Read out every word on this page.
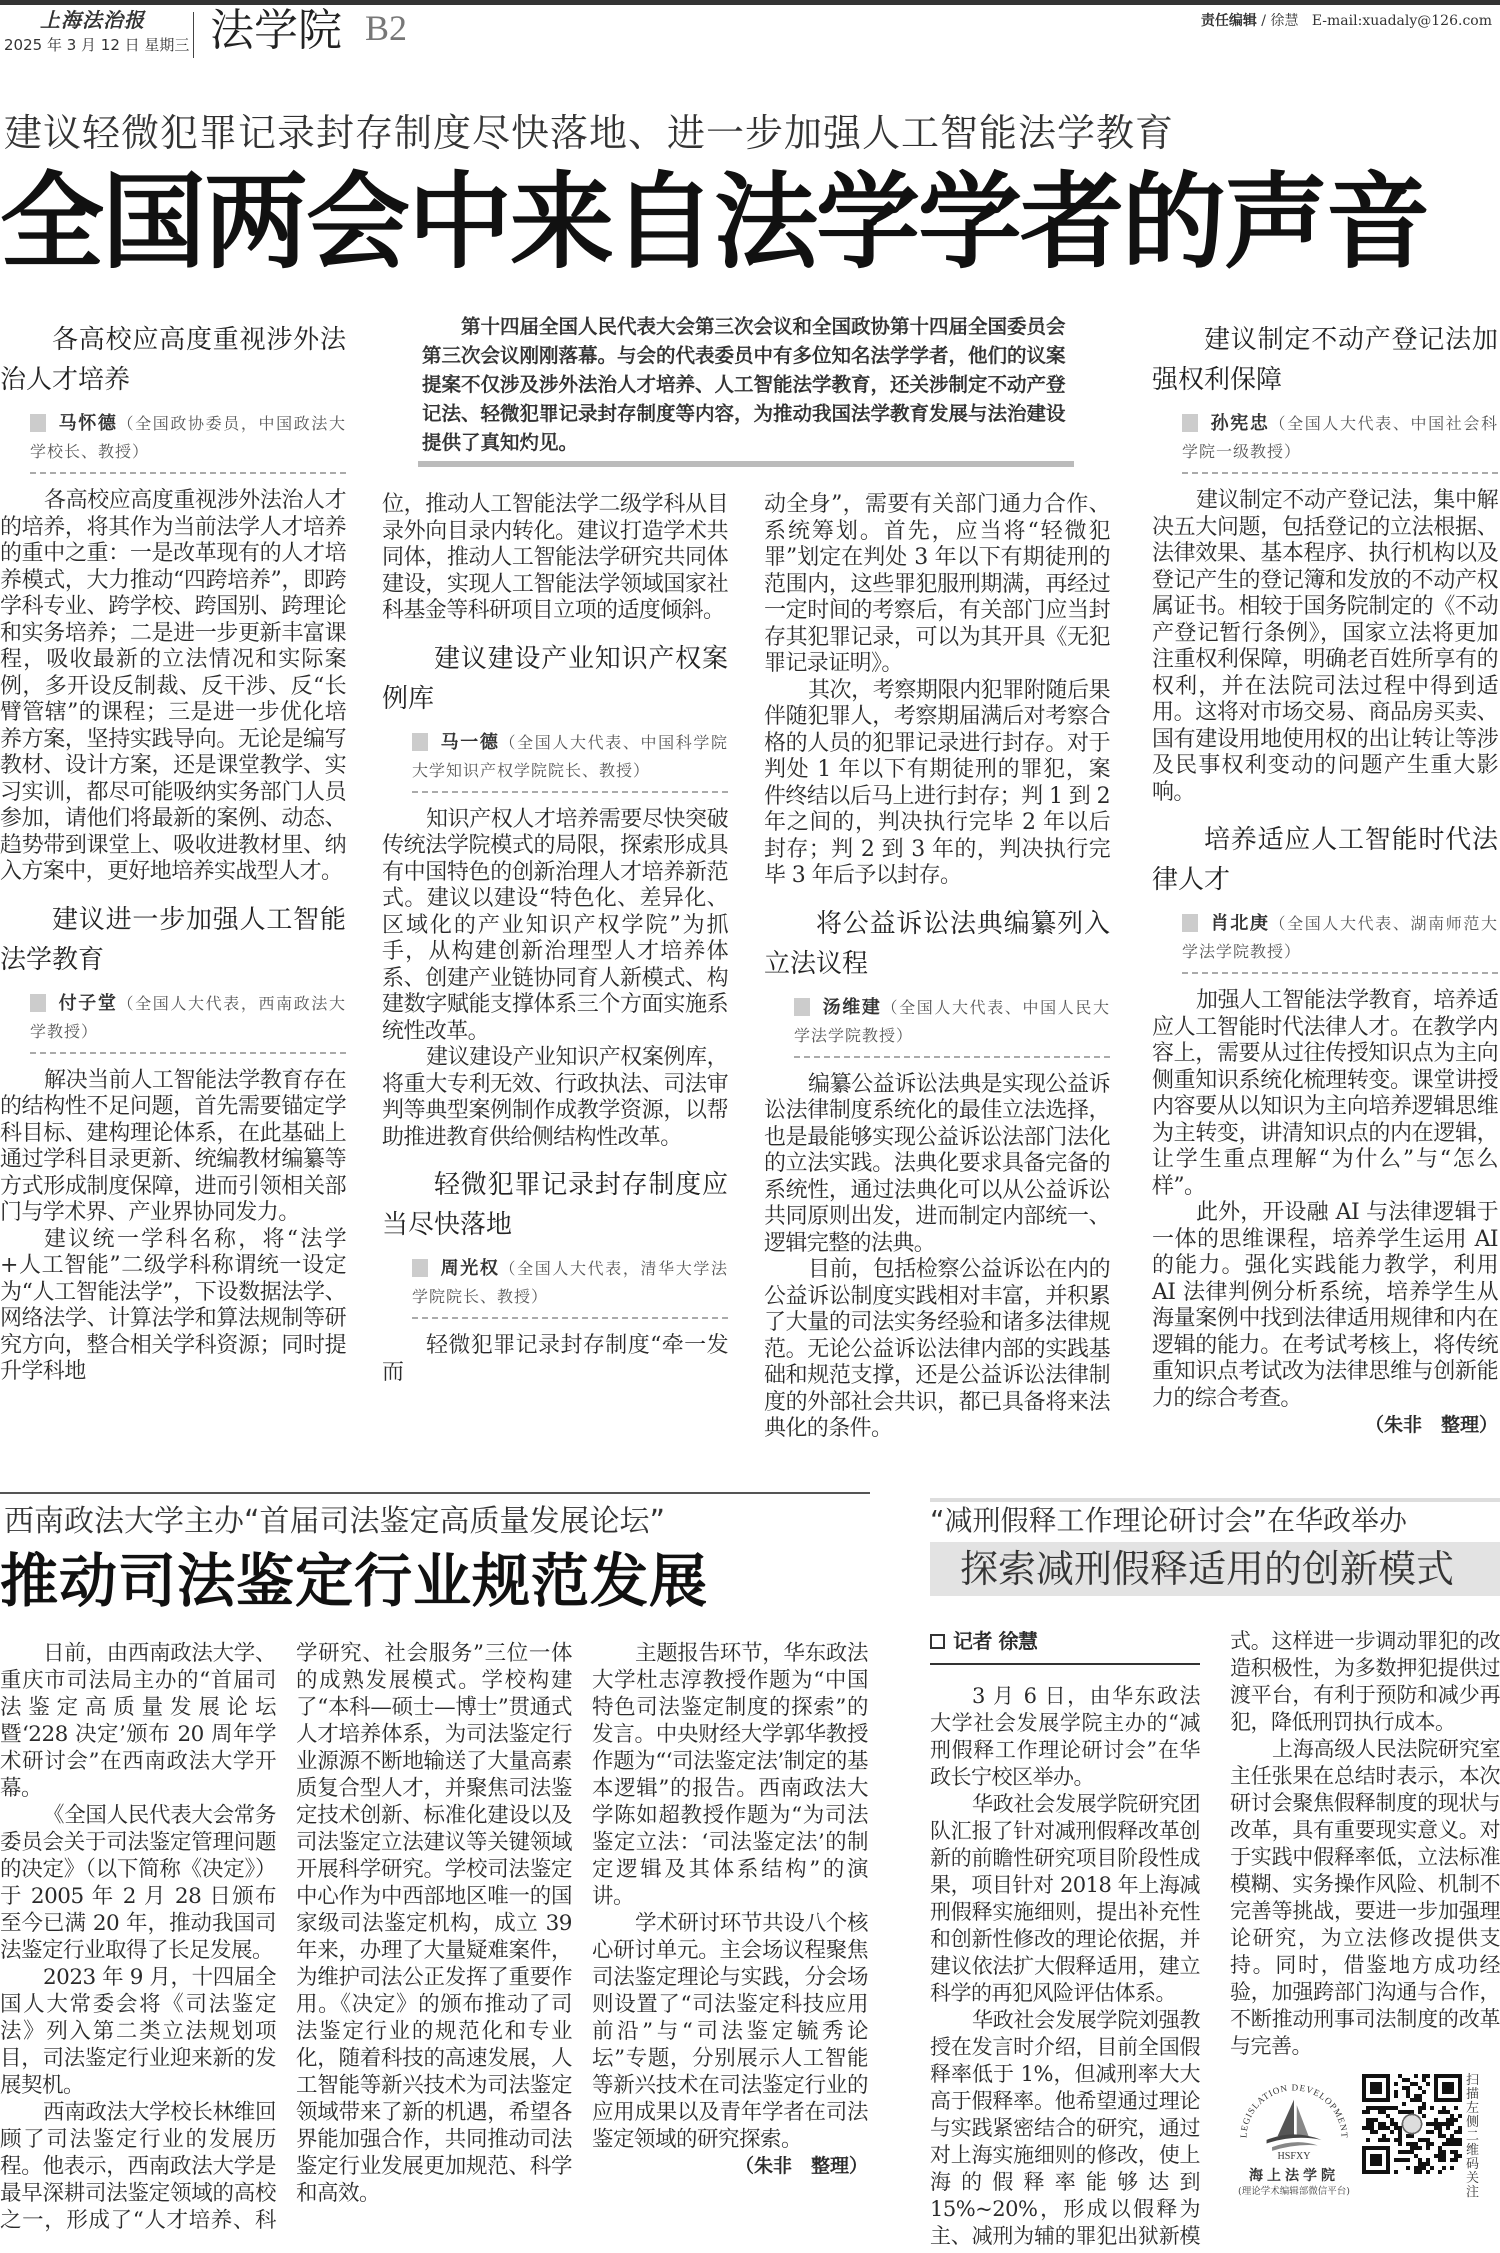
上海法治报
2025 年 3 月 12 日 星期三 法学院 B2	责任编辑 / 徐慧 E-mail:xuadaly@126.com
建议轻微犯罪记录封存制度尽快落地、进一步加强人工智能法学教育
全国两会中来自法学学者的声音
第十四届全国人民代表大会第三次会议和全国政协第十四届全国委员会第三次会议刚刚落幕。与会的代表委员中有多位知名法学学者，他们的议案提案不仅涉及涉外法治人才培养、人工智能法学教育，还关涉制定不动产登记法、轻微犯罪记录封存制度等内容，为推动我国法学教育发展与法治建设提供了真知灼见。
各高校应高度重视涉外法治人才培养
马怀德（全国政协委员，中国政法大学校长、教授）

各高校应高度重视涉外法治人才的培养，将其作为当前法学人才培养的重中之重：一是改革现有的人才培养模式，大力推动“四跨培养”，即跨学科专业、跨学校、跨国别、跨理论和实务培养；二是进一步更新丰富课程，吸收最新的立法情况和实际案例，多开设反制裁、反干涉、反“长臂管辖”的课程；三是进一步优化培养方案，坚持实践导向。无论是编写教材、设计方案，还是课堂教学、实习实训，都尽可能吸纳实务部门人员参加，请他们将最新的案例、动态、趋势带到课堂上、吸收进教材里、纳入方案中，更好地培养实战型人才。

建议进一步加强人工智能法学教育
付子堂（全国人大代表，西南政法大学教授）

解决当前人工智能法学教育存在的结构性不足问题，首先需要锚定学科目标、建构理论体系，在此基础上通过学科目录更新、统编教材编纂等方式形成制度保障，进而引领相关部门与学术界、产业界协同发力。

建议统一学科名称，将“法学+人工智能”二级学科称谓统一设定为“人工智能法学”，下设数据法学、网络法学、计算法学和算法规制等研究方向，整合相关学科资源；同时提升学科地

位，推动人工智能法学二级学科从目录外向目录内转化。建议打造学术共同体，推动人工智能法学研究共同体建设，实现人工智能法学领域国家社科基金等科研项目立项的适度倾斜。

建议建设产业知识产权案例库
马一德（全国人大代表、中国科学院大学知识产权学院院长、教授）

知识产权人才培养需要尽快突破传统法学院模式的局限，探索形成具有中国特色的创新治理人才培养新范式。建议以建设“特色化、差异化、区域化的产业知识产权学院”为抓手，从构建创新治理型人才培养体系、创建产业链协同育人新模式、构建数字赋能支撑体系三个方面实施系统性改革。

建议建设产业知识产权案例库，将重大专利无效、行政执法、司法审判等典型案例制作成教学资源，以帮助推进教育供给侧结构性改革。

轻微犯罪记录封存制度应当尽快落地
周光权（全国人大代表，清华大学法学院院长、教授）

轻微犯罪记录封存制度“牵一发而

动全身”，需要有关部门通力合作、系统筹划。首先，应当将“轻微犯罪”划定在判处 3 年以下有期徒刑的范围内，这些罪犯服刑期满，再经过一定时间的考察后，有关部门应当封存其犯罪记录，可以为其开具《无犯罪记录证明》。

其次，考察期限内犯罪附随后果伴随犯罪人，考察期届满后对考察合格的人员的犯罪记录进行封存。对于判处 1 年以下有期徒刑的罪犯，案件终结以后马上进行封存；判 1 到 2 年之间的，判决执行完毕 2 年以后封存；判 2 到 3 年的，判决执行完毕 3 年后予以封存。

将公益诉讼法典编纂列入立法议程
汤维建（全国人大代表、中国人民大学法学院教授）

编纂公益诉讼法典是实现公益诉讼法律制度系统化的最佳立法选择，也是最能够实现公益诉讼法部门法化的立法实践。法典化要求具备完备的系统性，通过法典化可以从公益诉讼共同原则出发，进而制定内部统一、逻辑完整的法典。

目前，包括检察公益诉讼在内的公益诉讼制度实践相对丰富，并积累了大量的司法实务经验和诸多法律规范。无论公益诉讼法律内部的实践基础和规范支撑，还是公益诉讼法律制度的外部社会共识，都已具备将来法典化的条件。

建议制定不动产登记法加强权利保障
孙宪忠（全国人大代表、中国社会科学院一级教授）

建议制定不动产登记法，集中解决五大问题，包括登记的立法根据、法律效果、基本程序、执行机构以及登记产生的登记簿和发放的不动产权属证书。相较于国务院制定的《不动产登记暂行条例》，国家立法将更加注重权利保障，明确老百姓所享有的权利，并在法院司法过程中得到适用。这将对市场交易、商品房买卖、国有建设用地使用权的出让转让等涉及民事权利变动的问题产生重大影响。

培养适应人工智能时代法律人才
肖北庚（全国人大代表、湖南师范大学法学院教授）

加强人工智能法学教育，培养适应人工智能时代法律人才。在教学内容上，需要从过往传授知识点为主向侧重知识系统化梳理转变。课堂讲授内容要从以知识为主向培养逻辑思维为主转变，讲清知识点的内在逻辑，让学生重点理解“为什么”与“怎么样”。

此外，开设融 AI 与法律逻辑于一体的思维课程，培养学生运用 AI 的能力。强化实践能力教学，利用 AI 法律判例分析系统，培养学生从海量案例中找到法律适用规律和内在逻辑的能力。在考试考核上，将传统重知识点考试改为法律思维与创新能力的综合考查。

（朱非　整理）
西南政法大学主办“首届司法鉴定高质量发展论坛”
推动司法鉴定行业规范发展

日前，由西南政法大学、重庆市司法局主办的“首届司法鉴定高质量发展论坛暨‘228 决定’颁布 20 周年学术研讨会”在西南政法大学开幕。

《全国人民代表大会常务委员会关于司法鉴定管理问题的决定》（以下简称《决定》）于 2005 年 2 月 28 日颁布至今已满 20 年，推动我国司法鉴定行业取得了长足发展。

2023 年 9 月，十四届全国人大常委会将《司法鉴定法》列入第二类立法规划项目，司法鉴定行业迎来新的发展契机。

西南政法大学校长林维回顾了司法鉴定行业的发展历程。他表示，西南政法大学是最早深耕司法鉴定领域的高校之一，形成了“人才培养、科学研究、社会服务”三位一体的成熟发展模式。学校构建了“本科—硕士—博士”贯通式人才培养体系，为司法鉴定行业源源不断地输送了大量高素质复合型人才，并聚焦司法鉴定技术创新、标准化建设以及司法鉴定立法建议等关键领域开展科学研究。学校司法鉴定中心作为中西部地区唯一的国家级司法鉴定机构，成立 39 年来，办理了大量疑难案件，为维护司法公正发挥了重要作用。《决定》的颁布推动了司法鉴定行业的规范化和专业化，随着科技的高速发展，人工智能等新兴技术为司法鉴定领域带来了新的机遇，希望各界能加强合作，共同推动司法鉴定行业发展更加规范、科学和高效。

主题报告环节，华东政法大学杜志淳教授作题为“中国特色司法鉴定制度的探索”的发言。中央财经大学郭华教授作题为“‘司法鉴定法’制定的基本逻辑”的报告。西南政法大学陈如超教授作题为“为司法鉴定立法：‘司法鉴定法’的制定逻辑及其体系结构”的演讲。

学术研讨环节共设八个核心研讨单元。主会场议程聚焦司法鉴定理论与实践，分会场则设置了“司法鉴定科技应用前沿”与“司法鉴定毓秀论坛”专题，分别展示人工智能等新兴技术在司法鉴定行业的应用成果以及青年学者在司法鉴定领域的研究探索。

（朱非　整理）
“减刑假释工作理论研讨会”在华政举办
探索减刑假释适用的创新模式

记者 徐慧

3 月 6 日，由华东政法大学社会发展学院主办的“减刑假释工作理论研讨会”在华政长宁校区举办。

华政社会发展学院研究团队汇报了针对减刑假释改革创新的前瞻性研究项目阶段性成果，项目针对 2018 年上海减刑假释实施细则，提出补充性和创新性修改的理论依据，并建议依法扩大假释适用，建立科学的再犯风险评估体系。

华政社会发展学院刘强教授在发言时介绍，目前全国假释率低于 1%，但减刑率大大高于假释率。他希望通过理论与实践紧密结合的研究，通过对上海实施细则的修改，使上海的假释率能够达到 15%~20%，形成以假释为主、减刑为辅的罪犯出狱新模式。这样进一步调动罪犯的改造积极性，为多数押犯提供过渡平台，有利于预防和减少再犯，降低刑罚执行成本。

上海高级人民法院研究室主任张果在总结时表示，本次研讨会聚焦假释制度的现状与改革，具有重要现实意义。对于实践中假释率低，立法标准模糊、实务操作风险、机制不完善等挑战，要进一步加强理论研究，为立法修改提供支持。同时，借鉴地方成功经验，加强跨部门沟通与合作，不断推动刑事司法制度的改革与完善。

LEGISLATION DEVELOPMENT
HSFXY
海上法学院
(理论学术编辑部微信平台)
扫描左侧二维码关注
